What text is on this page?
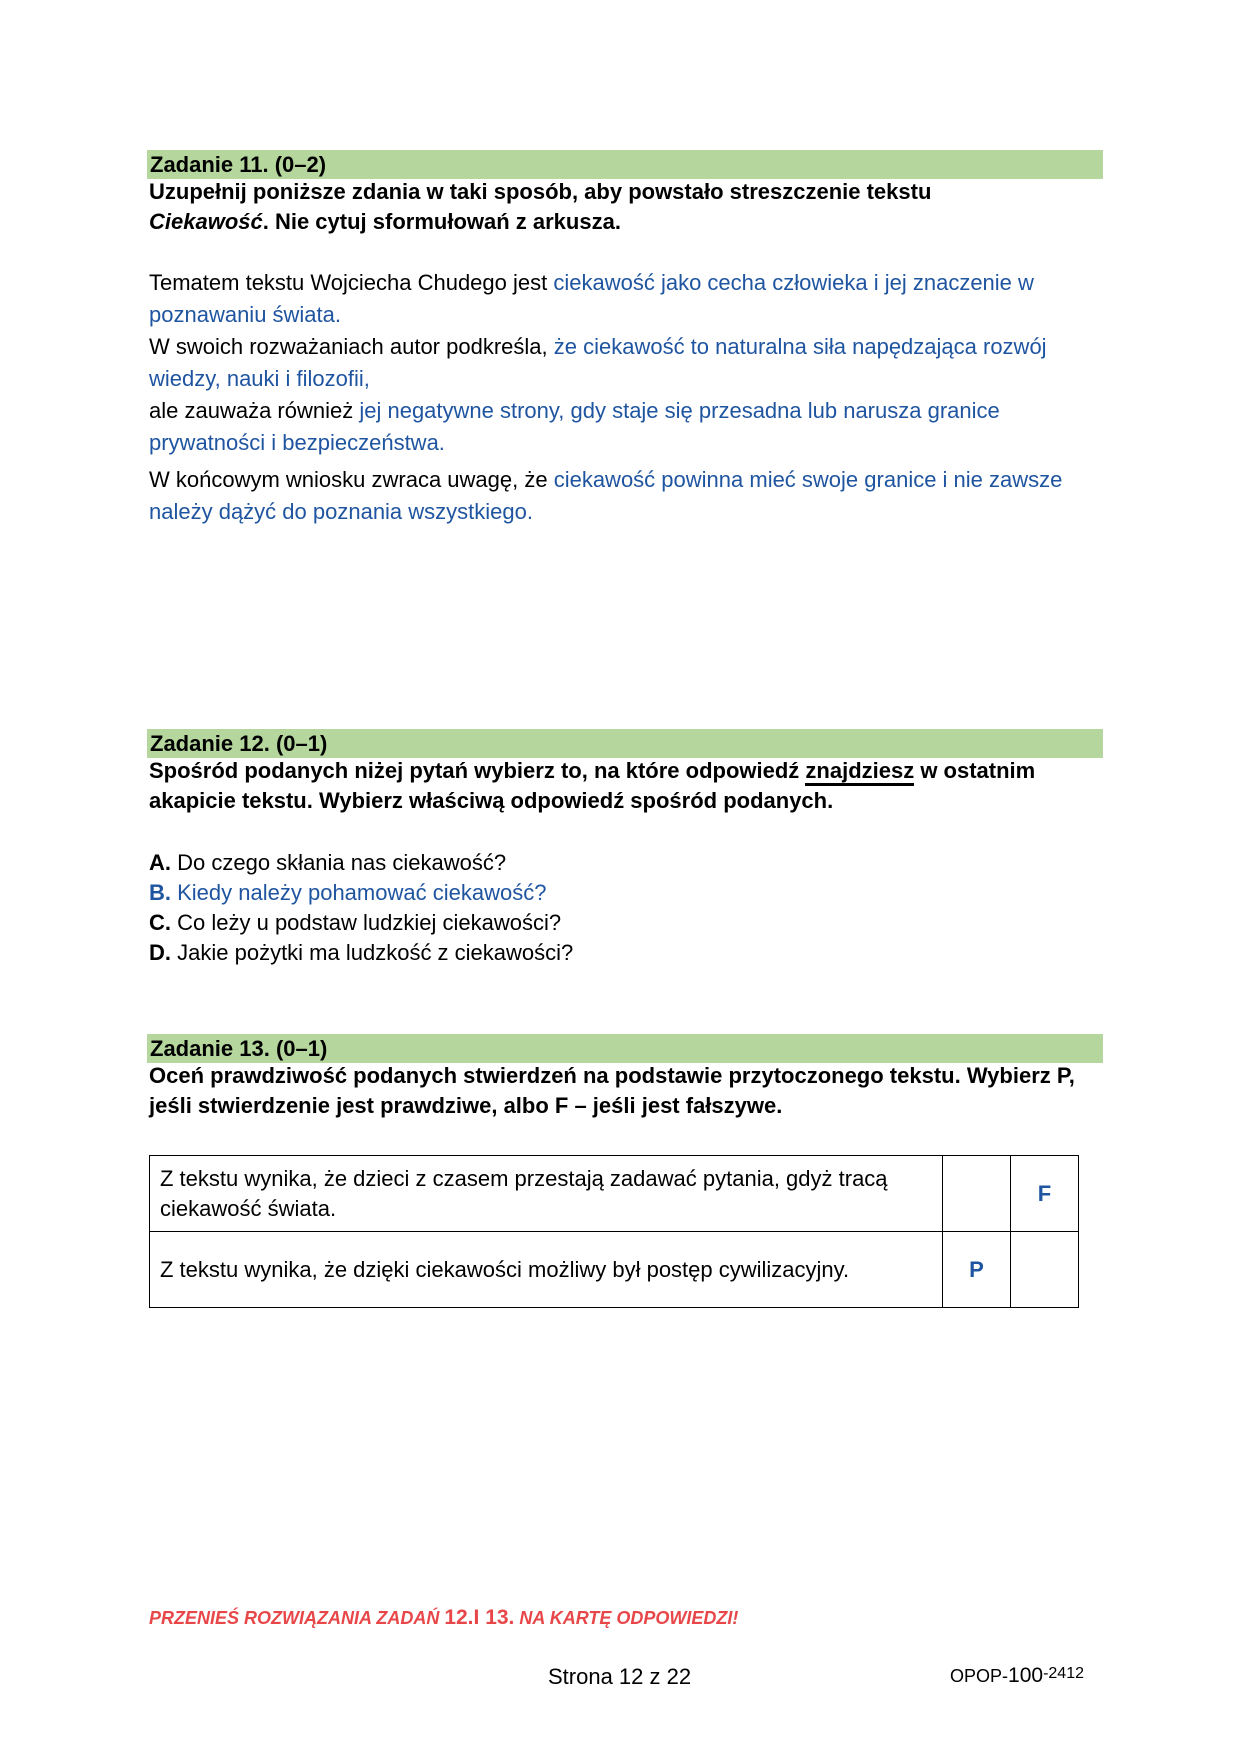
Zadanie 11. (0–2)
Uzupełnij poniższe zdania w taki sposób, aby powstało streszczenie tekstu
Ciekawość. Nie cytuj sformułowań z arkusza.
Tematem tekstu Wojciecha Chudego jest ciekawość jako cecha człowieka i jej znaczenie w poznawaniu świata.
W swoich rozważaniach autor podkreśla, że ciekawość to naturalna siła napędzająca rozwój wiedzy, nauki i filozofii,
ale zauważa również jej negatywne strony, gdy staje się przesadna lub narusza granice prywatności i bezpieczeństwa.
W końcowym wniosku zwraca uwagę, że ciekawość powinna mieć swoje granice i nie zawsze należy dążyć do poznania wszystkiego.
Zadanie 12. (0–1)
Spośród podanych niżej pytań wybierz to, na które odpowiedź znajdziesz w ostatnim akapicie tekstu. Wybierz właściwą odpowiedź spośród podanych.
A. Do czego skłania nas ciekawość?
B. Kiedy należy pohamować ciekawość?
C. Co leży u podstaw ludzkiej ciekawości?
D. Jakie pożytki ma ludzkość z ciekawości?
Zadanie 13. (0–1)
Oceń prawdziwość podanych stwierdzeń na podstawie przytoczonego tekstu. Wybierz P, jeśli stwierdzenie jest prawdziwe, albo F – jeśli jest fałszywe.
Z tekstu wynika, że dzieci z czasem przestają zadawać pytania, gdyż tracą ciekawość świata.		F
Z tekstu wynika, że dzięki ciekawości możliwy był postęp cywilizacyjny.	P	
PRZENIEŚ ROZWIĄZANIA ZADAŃ 12.I 13. NA KARTĘ ODPOWIEDZI!
Strona 12 z 22	OPOP-$100^{-2412}$
